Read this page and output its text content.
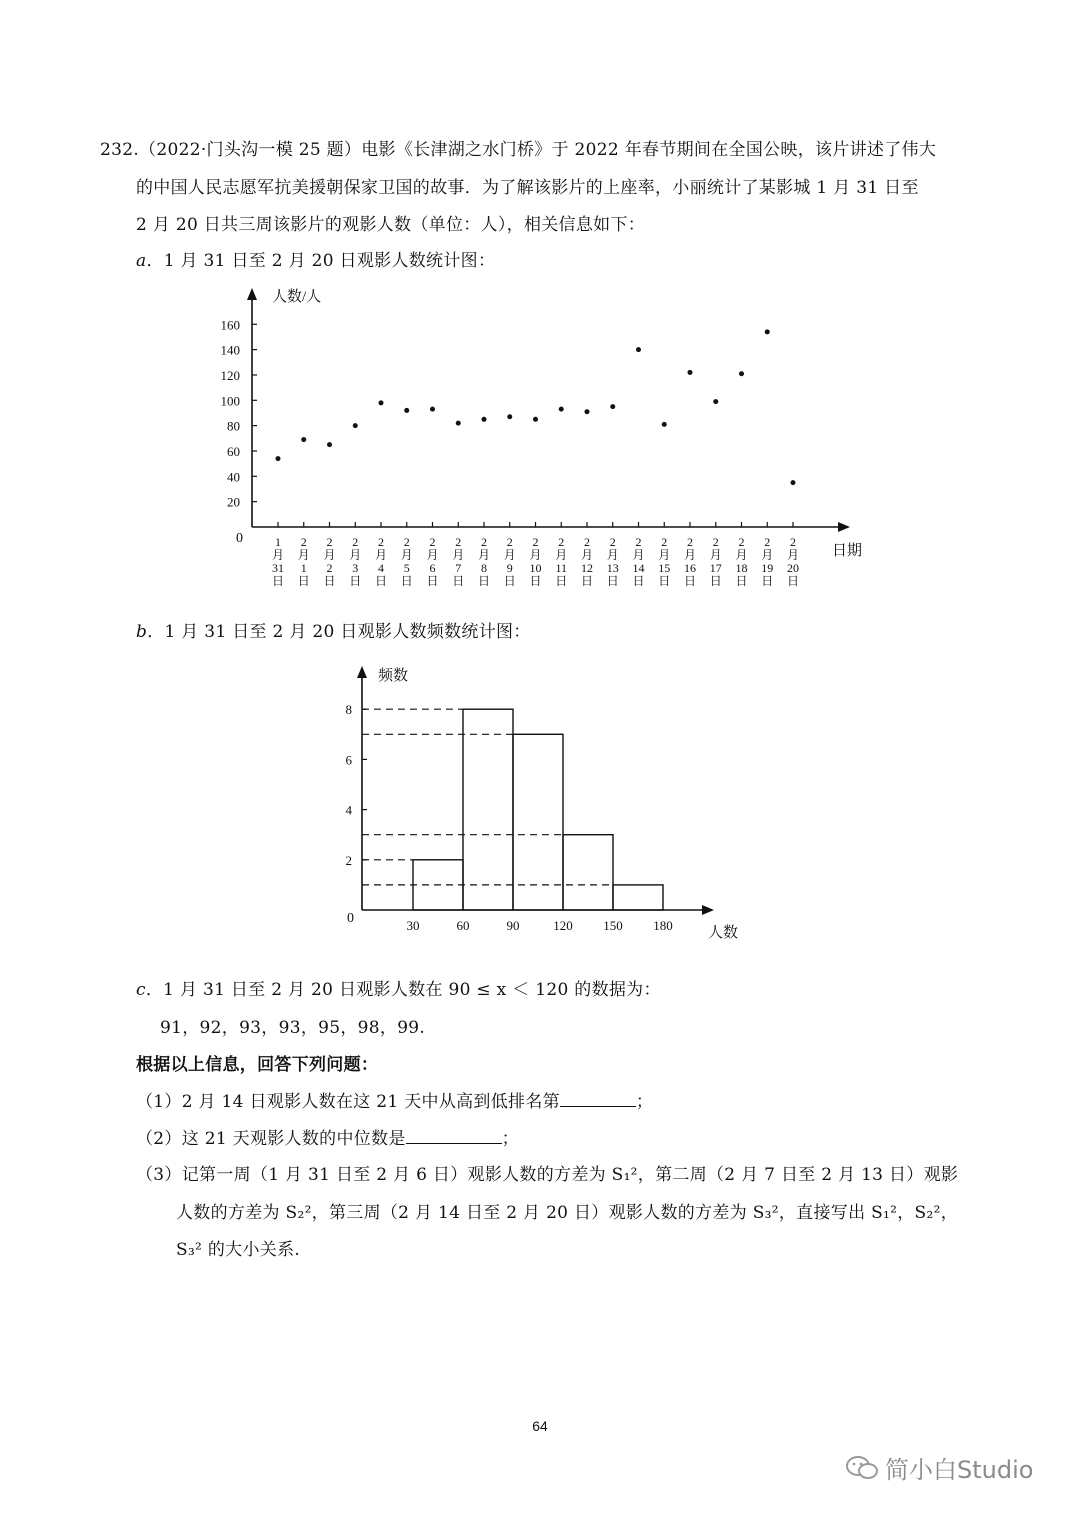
232.（2022·门头沟一模 25 题）电影《长津湖之水门桥》于 2022 年春节期间在全国公映，该片讲述了伟大
的中国人民志愿军抗美援朝保家卫国的故事．为了解该影片的上座率，小丽统计了某影城 1 月 31 日至
2 月 20 日共三周该影片的观影人数（单位：人），相关信息如下：
a．1 月 31 日至 2 月 20 日观影人数统计图：
人数/人
日期
0
20
40
60
80
100
120
140
160
1
月
31
日
2
月
1
日
2
月
2
日
2
月
3
日
2
月
4
日
2
月
5
日
2
月
6
日
2
月
7
日
2
月
8
日
2
月
9
日
2
月
10
日
2
月
11
日
2
月
12
日
2
月
13
日
2
月
14
日
2
月
15
日
2
月
16
日
2
月
17
日
2
月
18
日
2
月
19
日
2
月
20
日
b．1 月 31 日至 2 月 20 日观影人数频数统计图：
频数
人数
0
2
4
6
8
30	60	90	120 150 180
c．1 月 31 日至 2 月 20 日观影人数在 90 ≤ x ＜ 120 的数据为：
91，92，93，93，95，98，99.
根据以上信息，回答下列问题：
（1）2 月 14 日观影人数在这 21 天中从高到低排名第	；
（2）这 21 天观影人数的中位数是	；
（3）记第一周（1 月 31 日至 2 月 6 日）观影人数的方差为 S₁²，第二周（2 月 7 日至 2 月 13 日）观影
人数的方差为 S₂²，第三周（2 月 14 日至 2 月 20 日）观影人数的方差为 S₃²，直接写出 S₁²，S₂²，
S₃² 的大小关系.
64
简小白Studio
